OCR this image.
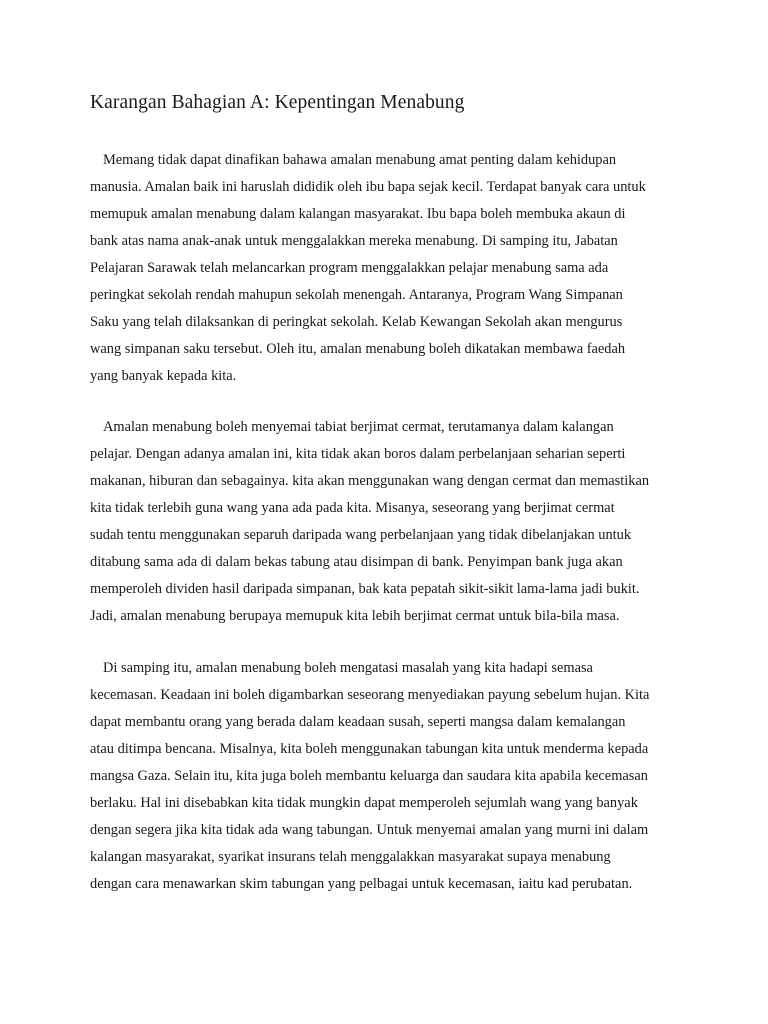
Karangan Bahagian A: Kepentingan Menabung

Memang tidak dapat dinafikan bahawa amalan menabung amat penting dalam kehidupan
manusia. Amalan baik ini haruslah dididik oleh ibu bapa sejak kecil. Terdapat banyak cara untuk
memupuk amalan menabung dalam kalangan masyarakat. Ibu bapa boleh membuka akaun di
bank atas nama anak-anak untuk menggalakkan mereka menabung. Di samping itu, Jabatan
Pelajaran Sarawak telah melancarkan program menggalakkan pelajar menabung sama ada
peringkat sekolah rendah mahupun sekolah menengah. Antaranya, Program Wang Simpanan
Saku yang telah dilaksankan di peringkat sekolah. Kelab Kewangan Sekolah akan mengurus
wang simpanan saku tersebut. Oleh itu, amalan menabung boleh dikatakan membawa faedah
yang banyak kepada kita.

Amalan menabung boleh menyemai tabiat berjimat cermat, terutamanya dalam kalangan
pelajar. Dengan adanya amalan ini, kita tidak akan boros dalam perbelanjaan seharian seperti
makanan, hiburan dan sebagainya. kita akan menggunakan wang dengan cermat dan memastikan
kita tidak terlebih guna wang yana ada pada kita. Misanya, seseorang yang berjimat cermat
sudah tentu menggunakan separuh daripada wang perbelanjaan yang tidak dibelanjakan untuk
ditabung sama ada di dalam bekas tabung atau disimpan di bank. Penyimpan bank juga akan
memperoleh dividen hasil daripada simpanan, bak kata pepatah sikit-sikit lama-lama jadi bukit.
Jadi, amalan menabung berupaya memupuk kita lebih berjimat cermat untuk bila-bila masa.

Di samping itu, amalan menabung boleh mengatasi masalah yang kita hadapi semasa
kecemasan. Keadaan ini boleh digambarkan seseorang menyediakan payung sebelum hujan. Kita
dapat membantu orang yang berada dalam keadaan susah, seperti mangsa dalam kemalangan
atau ditimpa bencana. Misalnya, kita boleh menggunakan tabungan kita untuk menderma kepada
mangsa Gaza. Selain itu, kita juga boleh membantu keluarga dan saudara kita apabila kecemasan
berlaku. Hal ini disebabkan kita tidak mungkin dapat memperoleh sejumlah wang yang banyak
dengan segera jika kita tidak ada wang tabungan. Untuk menyemai amalan yang murni ini dalam
kalangan masyarakat, syarikat insurans telah menggalakkan masyarakat supaya menabung
dengan cara menawarkan skim tabungan yang pelbagai untuk kecemasan, iaitu kad perubatan.
